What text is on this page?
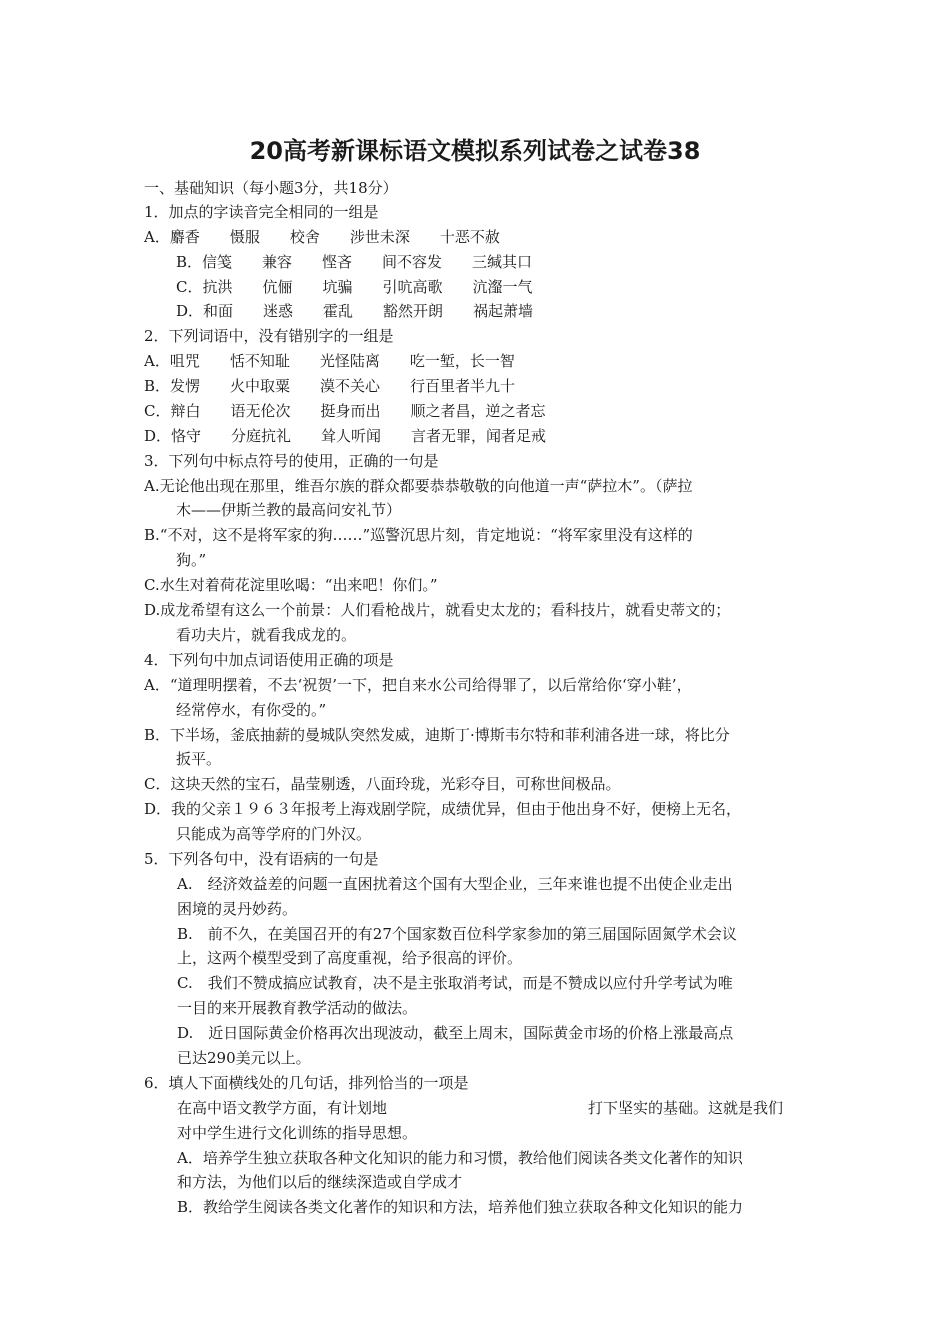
20高考新课标语文模拟系列试卷之试卷38
一、基础知识（每小题3分，共18分）
1．加点的字读音完全相同的一组是
A．麝香　　慑服　　校舍　　涉世未深　　十恶不赦
B．信笺　　兼容　　悭吝　　间不容发　　三缄其口
C．抗洪　　伉俪　　坑骗　　引吭高歌　　沆瀣一气
D．和面　　迷惑　　霍乱　　豁然开朗　　祸起萧墙
2．下列词语中，没有错别字的一组是
A．咀咒　　恬不知耻　　光怪陆离　　吃一堑，长一智
B．发愣　　火中取粟　　漠不关心　　行百里者半九十
C．辩白　　语无伦次　　挺身而出　　顺之者昌，逆之者忘
D．恪守　　分庭抗礼　　耸人听闻　　言者无罪，闻者足戒
3．下列句中标点符号的使用，正确的一句是
A.无论他出现在那里，维吾尔族的群众都要恭恭敬敬的向他道一声“萨拉木”。（萨拉
木——伊斯兰教的最高问安礼节）
B.“不对，这不是将军家的狗……”巡警沉思片刻，肯定地说：“将军家里没有这样的
狗。”
C.水生对着荷花淀里吆喝：“出来吧！你们。”
D.成龙希望有这么一个前景：人们看枪战片，就看史太龙的；看科技片，就看史蒂文的；
看功夫片，就看我成龙的。
4．下列句中加点词语使用正确的项是
A．“道理明摆着，不去‘祝贺’一下，把自来水公司给得罪了，以后常给你‘穿小鞋’，
经常停水，有你受的。”
B．下半场，釜底抽薪的曼城队突然发威，迪斯丁·博斯韦尔特和菲利浦各进一球，将比分
扳平。
C．这块天然的宝石，晶莹剔透，八面玲珑，光彩夺目，可称世间极品。
D．我的父亲１９６３年报考上海戏剧学院，成绩优异，但由于他出身不好，便榜上无名，
只能成为高等学府的门外汉。
5．下列各句中，没有语病的一句是
A.　经济效益差的问题一直困扰着这个国有大型企业，三年来谁也提不出使企业走出
困境的灵丹妙药。
B.　前不久，在美国召开的有27个国家数百位科学家参加的第三届国际固氮学术会议
上，这两个模型受到了高度重视，给予很高的评价。
C.　我们不赞成搞应试教育，决不是主张取消考试，而是不赞成以应付升学考试为唯
一目的来开展教育教学活动的做法。
D.　近日国际黄金价格再次出现波动，截至上周末，国际黄金市场的价格上涨最高点
已达290美元以上。
6．填人下面横线处的几句话，排列恰当的一项是
在高中语文教学方面，有计划地	打下坚实的基础。这就是我们
对中学生进行文化训练的指导思想。
A．培养学生独立获取各种文化知识的能力和习惯，教给他们阅读各类文化著作的知识
和方法，为他们以后的继续深造或自学成才
B．教给学生阅读各类文化著作的知识和方法，培养他们独立获取各种文化知识的能力
